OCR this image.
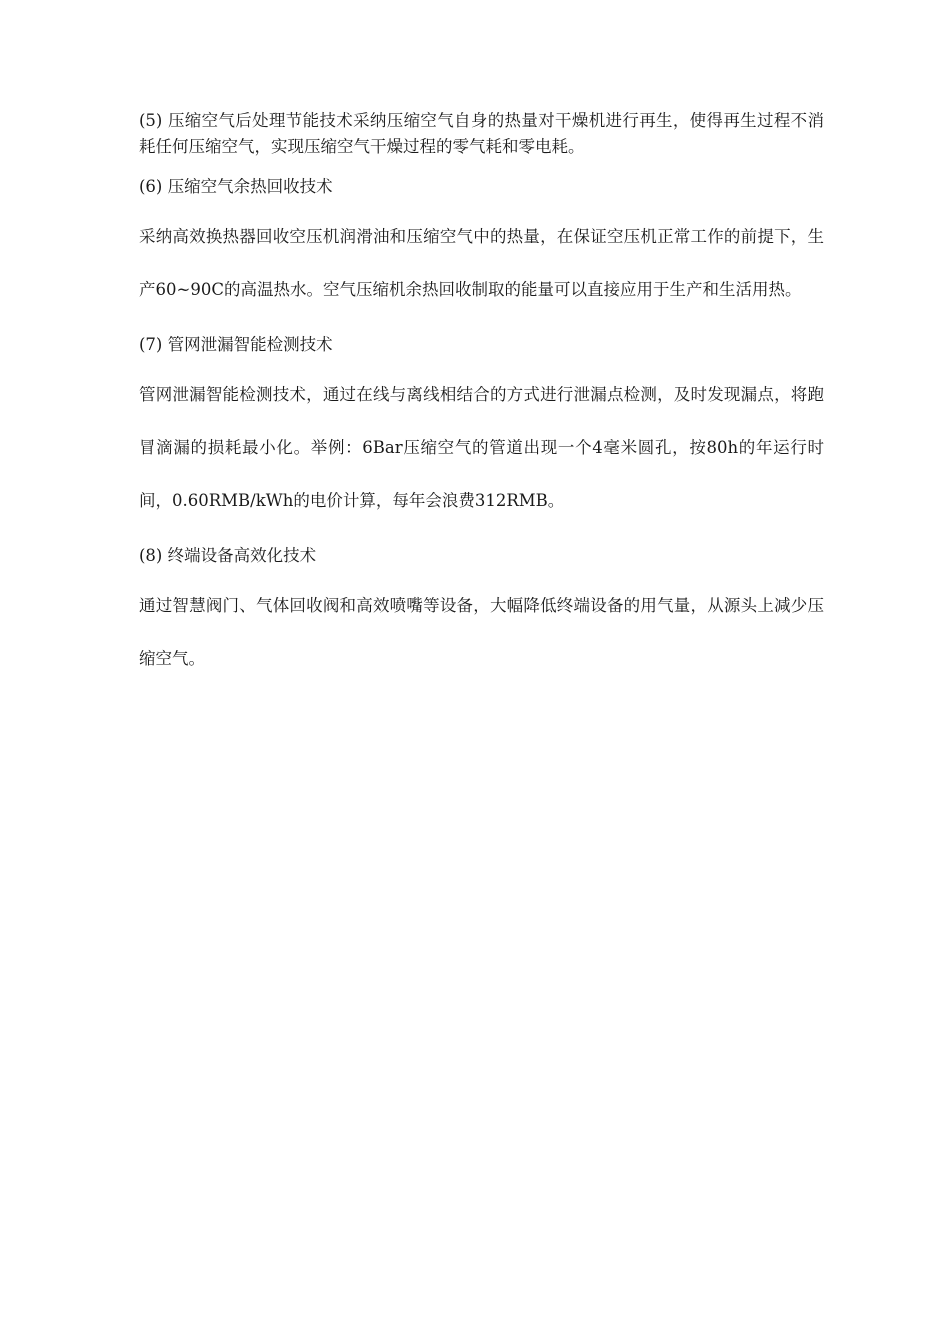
(5) 压缩空气后处理节能技术采纳压缩空气自身的热量对干燥机进行再生，使得再生过程不消耗任何压缩空气，实现压缩空气干燥过程的零气耗和零电耗。

(6) 压缩空气余热回收技术

采纳高效换热器回收空压机润滑油和压缩空气中的热量，在保证空压机正常工作的前提下，生产60~90C的高温热水。空气压缩机余热回收制取的能量可以直接应用于生产和生活用热。

(7) 管网泄漏智能检测技术

管网泄漏智能检测技术，通过在线与离线相结合的方式进行泄漏点检测，及时发现漏点，将跑冒滴漏的损耗最小化。举例：6Bar压缩空气的管道出现一个4毫米圆孔，按80h的年运行时间，0.60RMB/kWh的电价计算，每年会浪费312RMB。

(8) 终端设备高效化技术

通过智慧阀门、气体回收阀和高效喷嘴等设备，大幅降低终端设备的用气量，从源头上减少压缩空气。
